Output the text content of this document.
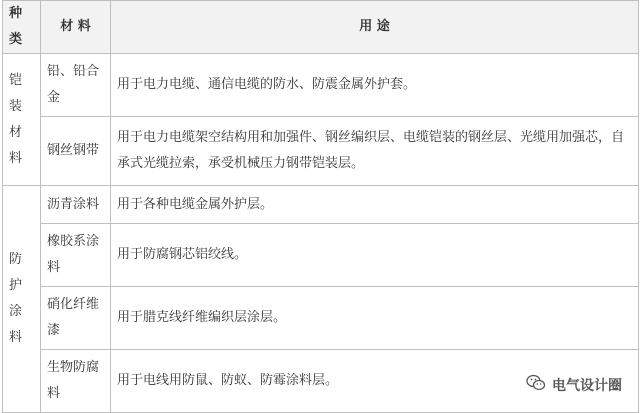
种类	材 料	用 途
铠装材料	铅、铅合金	用于电力电缆、通信电缆的防水、防震金属外护套。
	钢丝钢带	用于电力电缆架空结构用和加强件、钢丝编织层、电缆铠装的钢丝层、光缆用加强芯，自承式光缆拉索，承受机械压力钢带铠装层。
防护涂料	沥青涂料	用于各种电缆金属外护层。
	橡胶系涂料	用于防腐钢芯铝绞线。
	硝化纤维漆	用于腊克线纤维编织层涂层。
	生物防腐料	用于电线用防鼠、防蚁、防霉涂料层。	电气设计圈
